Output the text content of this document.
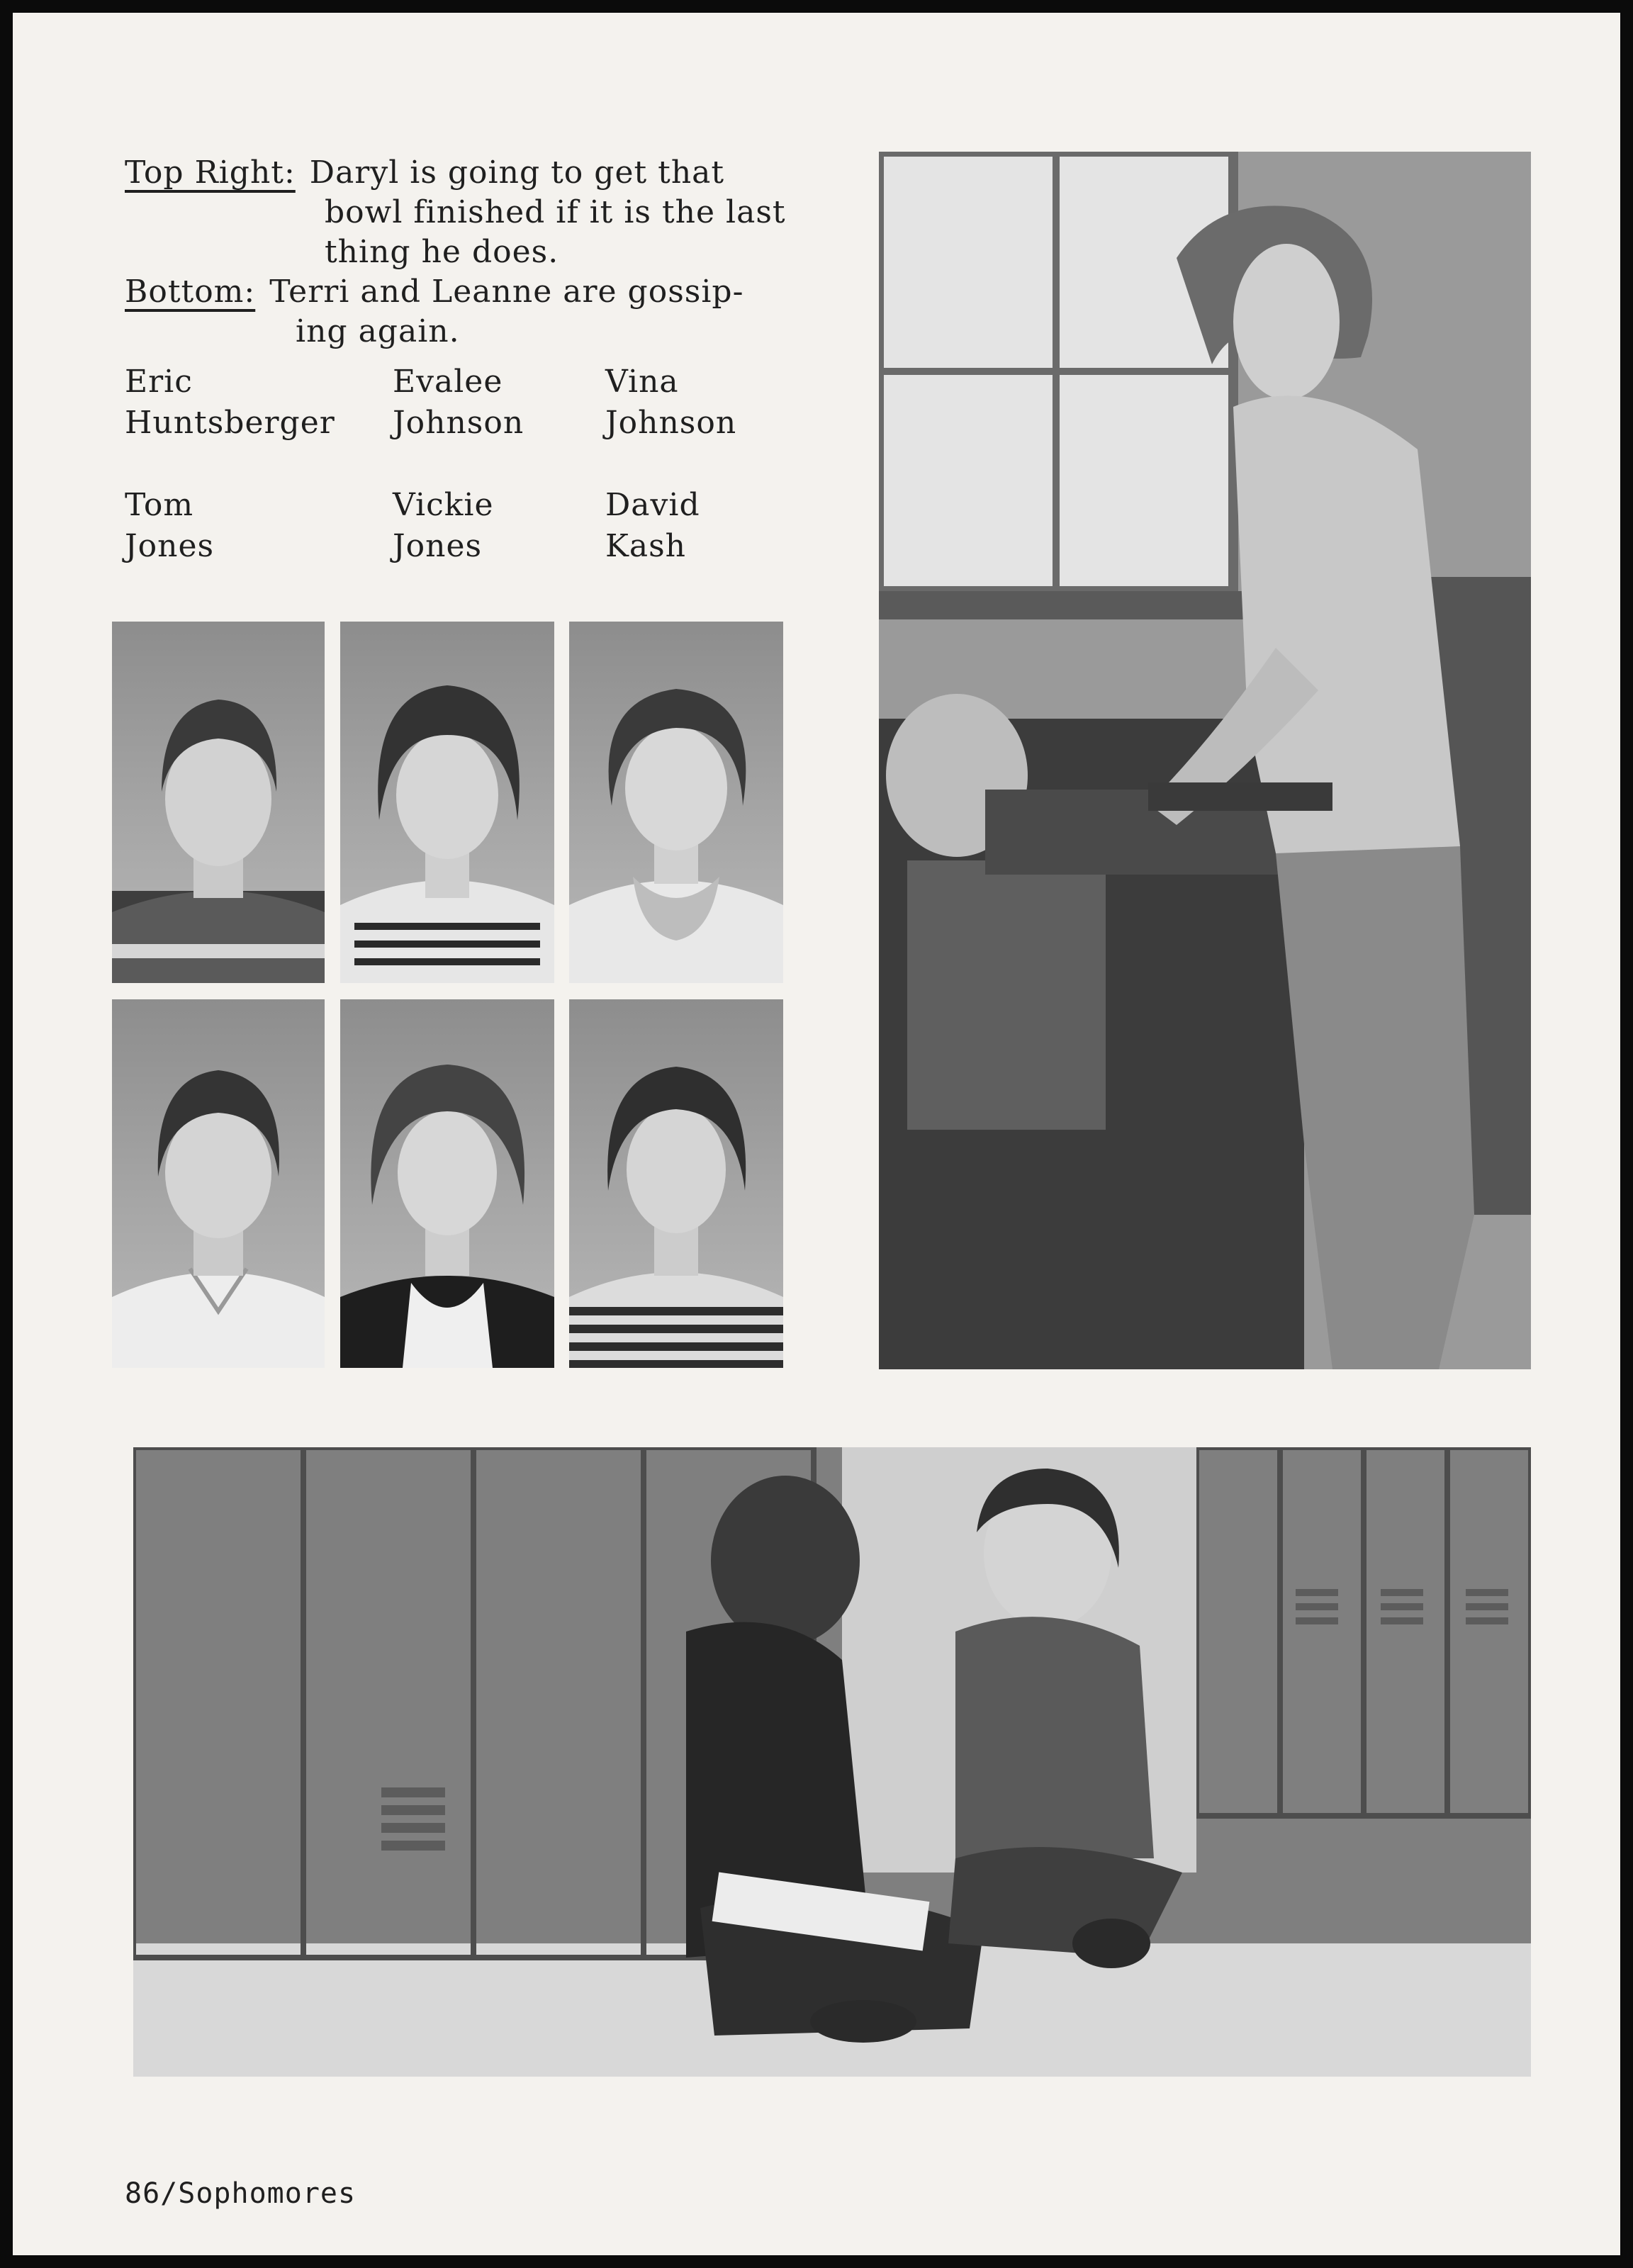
Top Right: Daryl is going to get that
bowl finished if it is the last
thing he does.
Bottom: Terri and Leanne are gossip-
ing again.
Eric
Huntsberger
Evalee
Johnson
Vina
Johnson
Tom
Jones
Vickie
Jones
David
Kash
86/Sophomores
